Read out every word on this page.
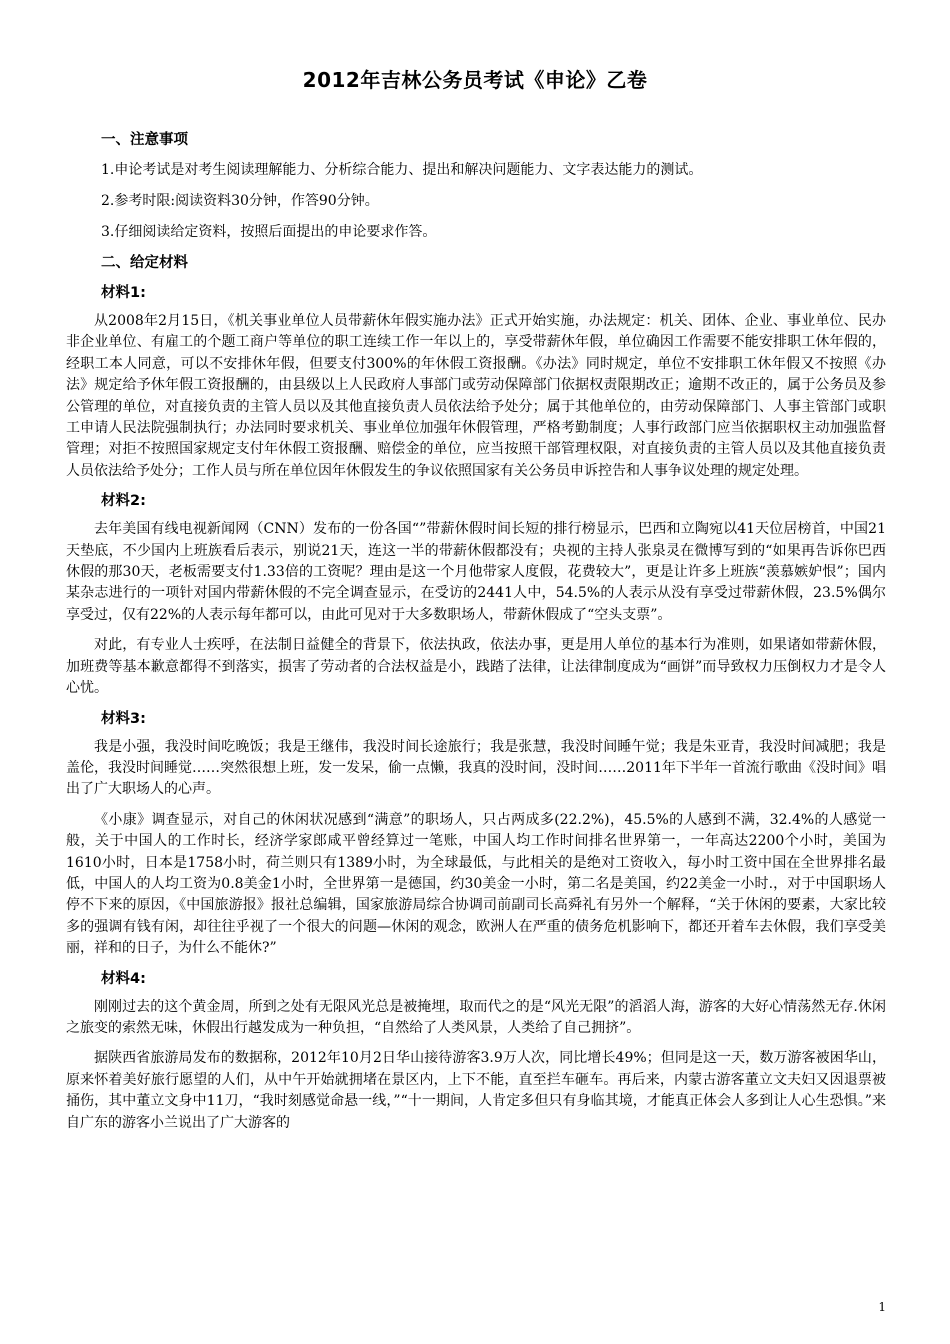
2012年吉林公务员考试《申论》乙卷
一、注意事项
1.申论考试是对考生阅读理解能力、分析综合能力、提出和解决问题能力、文字表达能力的测试。
2.参考时限:阅读资料30分钟，作答90分钟。
3.仔细阅读给定资料，按照后面提出的申论要求作答。
二、给定材料
材料1:

从2008年2月15日，《机关事业单位人员带薪休年假实施办法》正式开始实施，办法规定：机关、团体、企业、事业单位、民办非企业单位、有雇工的个题工商户等单位的职工连续工作一年以上的，享受带薪休年假，单位确因工作需要不能安排职工休年假的，经职工本人同意，可以不安排休年假，但要支付300%的年休假工资报酬。《办法》同时规定，单位不安排职工休年假又不按照《办法》规定给予休年假工资报酬的，由县级以上人民政府人事部门或劳动保障部门依据权责限期改正；逾期不改正的，属于公务员及参公管理的单位，对直接负责的主管人员以及其他直接负责人员依法给予处分；属于其他单位的，由劳动保障部门、人事主管部门或职工申请人民法院强制执行；办法同时要求机关、事业单位加强年休假管理，严格考勤制度；人事行政部门应当依据职权主动加强监督管理；对拒不按照国家规定支付年休假工资报酬、赔偿金的单位，应当按照干部管理权限，对直接负责的主管人员以及其他直接负责人员依法给予处分；工作人员与所在单位因年休假发生的争议依照国家有关公务员申诉控告和人事争议处理的规定处理。

材料2:

去年美国有线电视新闻网（CNN）发布的一份各国“”带薪休假时间长短的排行榜显示，巴西和立陶宛以41天位居榜首，中国21天垫底，不少国内上班族看后表示，别说21天，连这一半的带薪休假都没有；央视的主持人张泉灵在微博写到的“如果再告诉你巴西休假的那30天，老板需要支付1.33倍的工资呢？理由是这一个月他带家人度假，花费较大”，更是让许多上班族“羡慕嫉妒恨”；国内某杂志进行的一项针对国内带薪休假的不完全调查显示，在受访的2441人中，54.5%的人表示从没有享受过带薪休假，23.5%偶尔享受过，仅有22%的人表示每年都可以，由此可见对于大多数职场人，带薪休假成了“空头支票”。

对此，有专业人士疾呼，在法制日益健全的背景下，依法执政，依法办事，更是用人单位的基本行为准则，如果诸如带薪休假，加班费等基本歉意都得不到落实，损害了劳动者的合法权益是小，践踏了法律，让法律制度成为“画饼”而导致权力压倒权力才是令人心忧。

材料3:

我是小强，我没时间吃晚饭；我是王继伟，我没时间长途旅行；我是张慧，我没时间睡午觉；我是朱亚青，我没时间减肥；我是盖伦，我没时间睡觉……突然很想上班，发一发呆，偷一点懒，我真的没时间，没时间……2011年下半年一首流行歌曲《没时间》唱出了广大职场人的心声。

《小康》调查显示，对自己的休闲状况感到“满意”的职场人，只占两成多(22.2%)，45.5%的人感到不满，32.4%的人感觉一般，关于中国人的工作时长，经济学家郎咸平曾经算过一笔账，中国人均工作时间排名世界第一，一年高达2200个小时，美国为1610小时，日本是1758小时，荷兰则只有1389小时，为全球最低，与此相关的是绝对工资收入，每小时工资中国在全世界排名最低，中国人的人均工资为0.8美金1小时，全世界第一是德国，约30美金一小时，第二名是美国，约22美金一小时.，对于中国职场人停不下来的原因，《中国旅游报》报社总编辑，国家旅游局综合协调司前副司长高舜礼有另外一个解释，“关于休闲的要素，大家比较多的强调有钱有闲，却往往乎视了一个很大的问题—休闲的观念，欧洲人在严重的债务危机影响下，都还开着车去休假，我们享受美丽，祥和的日子，为什么不能休?”

材料4:

刚刚过去的这个黄金周，所到之处有无限风光总是被掩埋，取而代之的是“风光无限”的滔滔人海，游客的大好心情荡然无存.休闲之旅变的索然无味，休假出行越发成为一种负担，“自然给了人类风景，人类给了自己拥挤”。

据陕西省旅游局发布的数据称，2012年10月2日华山接待游客3.9万人次，同比增长49%；但同是这一天，数万游客被困华山，原来怀着美好旅行愿望的人们，从中午开始就拥堵在景区内，上下不能，直至拦车砸车。再后来，内蒙古游客董立文夫妇又因退票被捅伤，其中董立文身中11刀，“我时刻感觉命悬一线，”“十一期间，人肯定多但只有身临其境，才能真正体会人多到让人心生恐惧。”来自广东的游客小兰说出了广大游客的

1
